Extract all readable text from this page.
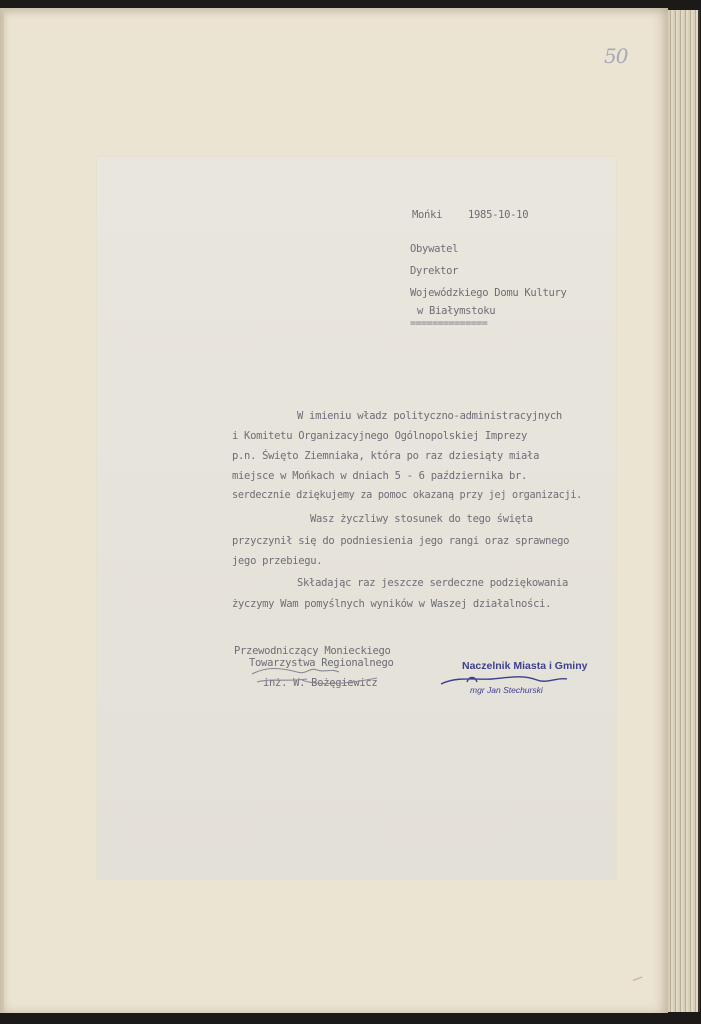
50
Mońki 1985-10-10
Obywatel
Dyrektor
Wojewódzkiego Domu Kultury
w Białymstoku
==============
W imieniu władz polityczno-administracyjnych
i Komitetu Organizacyjnego Ogólnopolskiej Imprezy
p.n. Święto Ziemniaka, która po raz dziesiąty miała
miejsce w Mońkach w dniach 5 - 6 października br.
serdecznie dziękujemy za pomoc okazaną przy jej organizacji.
Wasz życzliwy stosunek do tego święta
przyczynił się do podniesienia jego rangi oraz sprawnego
jego przebiegu.
Składając raz jeszcze serdeczne podziękowania
życzymy Wam pomyślnych wyników w Waszej działalności.
Przewodniczący Monieckiego
Towarzystwa Regionalnego
inż. W. Bożęgiewicz
Naczelnik Miasta i Gminy
mgr Jan Stechurski
